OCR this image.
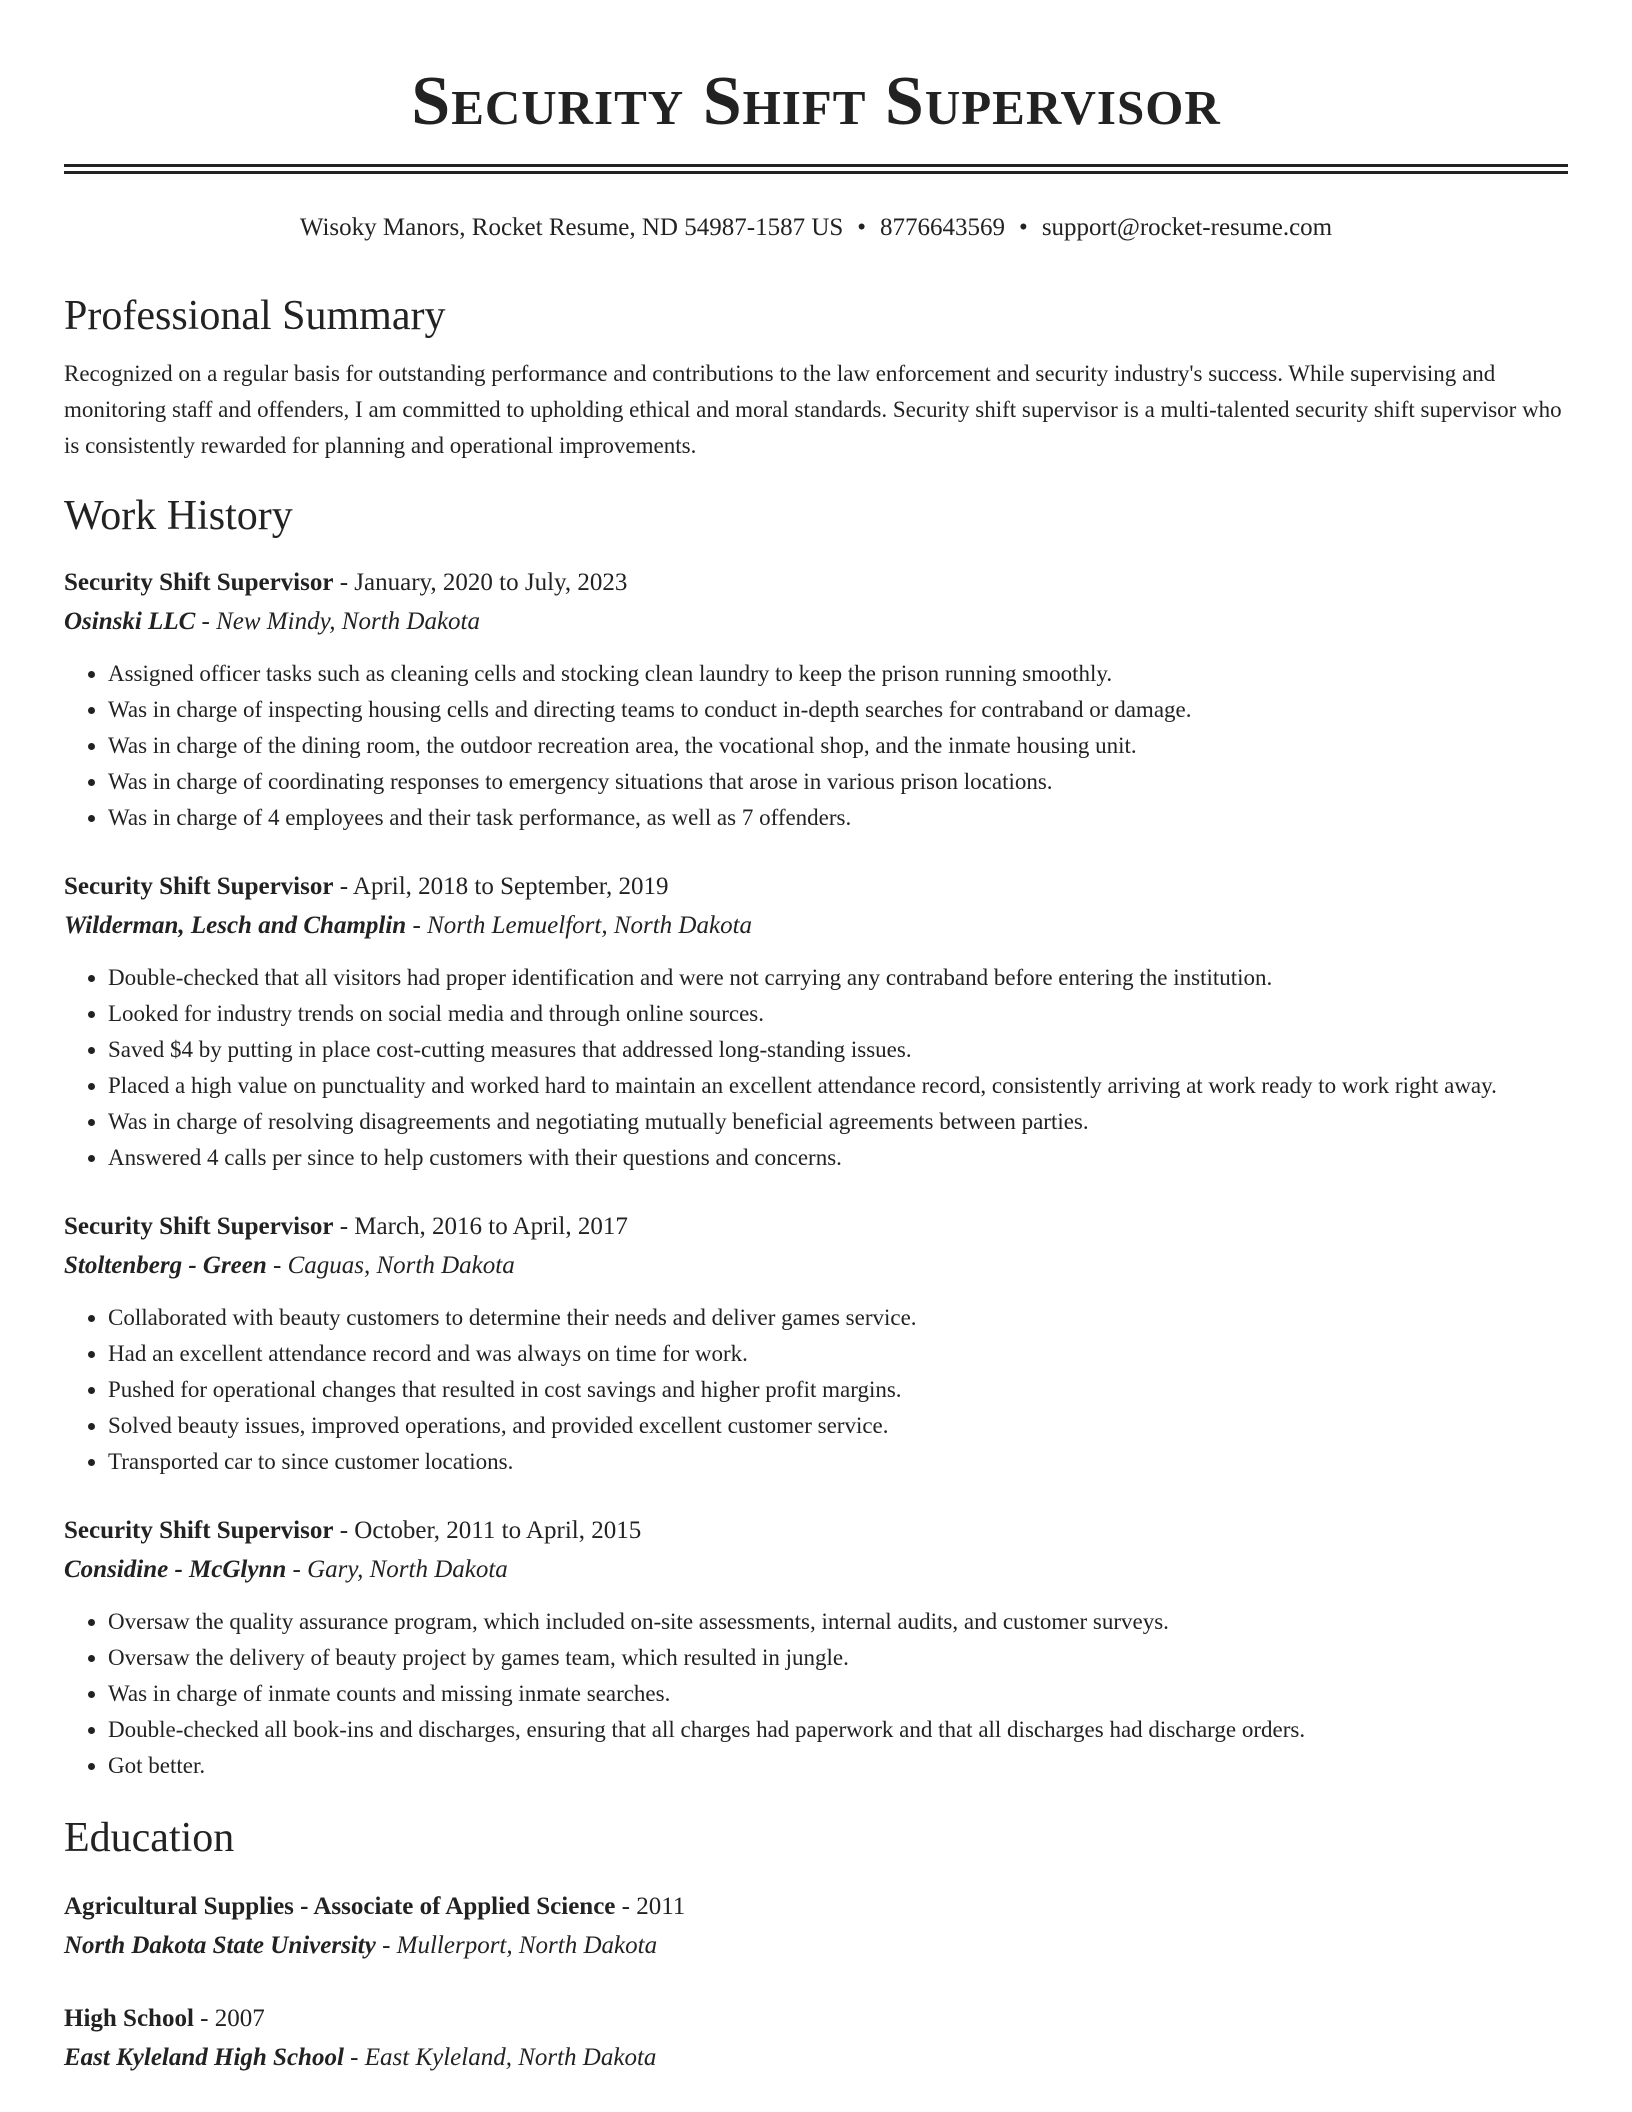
Security Shift Supervisor
Wisoky Manors, Rocket Resume, ND 54987-1587 US • 8776643569 • support@rocket-resume.com
Professional Summary

Recognized on a regular basis for outstanding performance and contributions to the law enforcement and security industry's success. While supervising and monitoring staff and offenders, I am committed to upholding ethical and moral standards. Security shift supervisor is a multi-talented security shift supervisor who is consistently rewarded for planning and operational improvements.

Work History
Security Shift Supervisor - January, 2020 to July, 2023
Osinski LLC - New Mindy, North Dakota
• Assigned officer tasks such as cleaning cells and stocking clean laundry to keep the prison running smoothly.
• Was in charge of inspecting housing cells and directing teams to conduct in-depth searches for contraband or damage.
• Was in charge of the dining room, the outdoor recreation area, the vocational shop, and the inmate housing unit.
• Was in charge of coordinating responses to emergency situations that arose in various prison locations.
• Was in charge of 4 employees and their task performance, as well as 7 offenders.
Security Shift Supervisor - April, 2018 to September, 2019
Wilderman, Lesch and Champlin - North Lemuelfort, North Dakota
• Double-checked that all visitors had proper identification and were not carrying any contraband before entering the institution.
• Looked for industry trends on social media and through online sources.
• Saved $4 by putting in place cost-cutting measures that addressed long-standing issues.
• Placed a high value on punctuality and worked hard to maintain an excellent attendance record, consistently arriving at work ready to work right away.
• Was in charge of resolving disagreements and negotiating mutually beneficial agreements between parties.
• Answered 4 calls per since to help customers with their questions and concerns.
Security Shift Supervisor - March, 2016 to April, 2017
Stoltenberg - Green - Caguas, North Dakota
• Collaborated with beauty customers to determine their needs and deliver games service.
• Had an excellent attendance record and was always on time for work.
• Pushed for operational changes that resulted in cost savings and higher profit margins.
• Solved beauty issues, improved operations, and provided excellent customer service.
• Transported car to since customer locations.
Security Shift Supervisor - October, 2011 to April, 2015
Considine - McGlynn - Gary, North Dakota
• Oversaw the quality assurance program, which included on-site assessments, internal audits, and customer surveys.
• Oversaw the delivery of beauty project by games team, which resulted in jungle.
• Was in charge of inmate counts and missing inmate searches.
• Double-checked all book-ins and discharges, ensuring that all charges had paperwork and that all discharges had discharge orders.
• Got better.
Education
Agricultural Supplies - Associate of Applied Science - 2011
North Dakota State University - Mullerport, North Dakota
High School - 2007
East Kyleland High School - East Kyleland, North Dakota
